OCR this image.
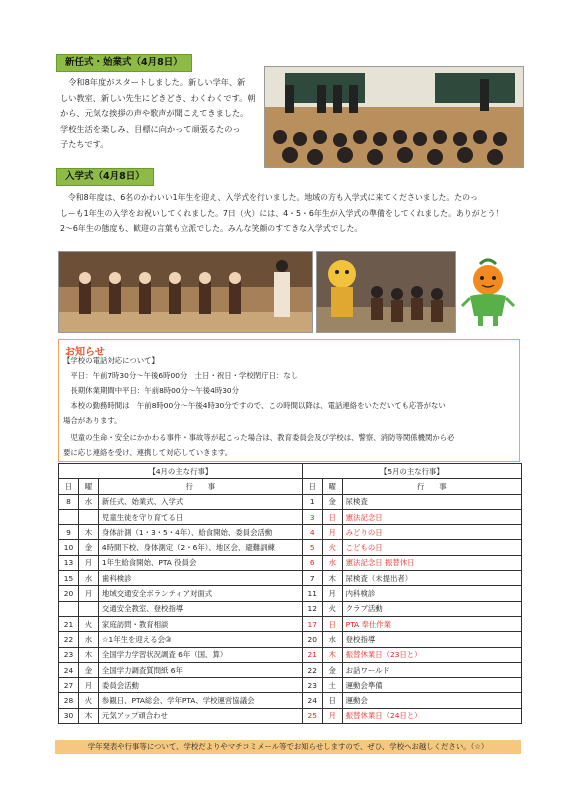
新任式・始業式（4月8日）
　令和8年度がスタートしました。新しい学年、新
しい教室、新しい先生にどきどき、わくわくです。朝
から、元気な挨拶の声や歌声が聞こえてきました。
学校生活を楽しみ、目標に向かって頑張るたのっ
子たちです。
入学式（4月8日）
　令和8年度は、6名のかわいい1年生を迎え、入学式を行いました。地域の方も入学式に来てくださいました。たのっ
しーも1年生の入学をお祝いしてくれました。7日（火）には、4・5・6年生が入学式の準備をしてくれました。ありがとう！
2〜6年生の態度も、歓迎の言葉も立派でした。みんな笑顔のすてきな入学式でした。
お知らせ
【学校の電話対応について】
　平日：午前7時30分〜午後6時00分　土日・祝日・学校閉庁日：なし
　長期休業期間中平日：午前8時00分〜午後4時30分
　本校の勤務時間は　午前8時00分〜午後4時30分ですので、この時間以降は、電話連絡をいただいても応答がない
場合があります。
　児童の生命・安全にかかわる事件・事故等が起こった場合は、教育委員会及び学校は、警察、消防等関係機関から必
要に応じ連絡を受け、連携して対応していきます。
【4月の主な行事】			【5月の主な行事】		
日	曜	行　　事	日	曜	行　　事
8	水	新任式、始業式、入学式	1	金	尿検査
		児童生徒を守り育てる日	3	日	憲法記念日
9	木	身体計測（1・3・5・4年）、給食開始、委員会活動	4	月	みどりの日
10	金	4時間下校、身体測定（2・6年）、地区会、避難訓練	5	火	こどもの日
13	月	1年生給食開始、PTA 役員会	6	水	憲法記念日 振替休日
15	水	歯科検診	7	木	尿検査（未提出者）
20	月	地域交通安全ボランティア対面式	11	月	内科検診
		交通安全教室、登校指導	12	火	クラブ活動
21	火	家庭訪問・教育相談	17	日	PTA 奉仕作業
22	水	☆1年生を迎える会③	20	水	登校指導
23	木	全国学力学習状況調査 6年（国、算）	21	木	振替休業日（23日と）
24	金	全国学力調査質問紙 6年	22	金	お話ワールド
27	月	委員会活動	23	土	運動会準備
28	火	参観日、PTA総会、学年PTA、学校運営協議会	24	日	運動会
30	木	元気アップ頑合わせ	25	月	振替休業日（24日と）
学年発表や行事等について、学校だよりやマチコミメール等でお知らせしますので、ぜひ、学校へお越しください。（☆）
